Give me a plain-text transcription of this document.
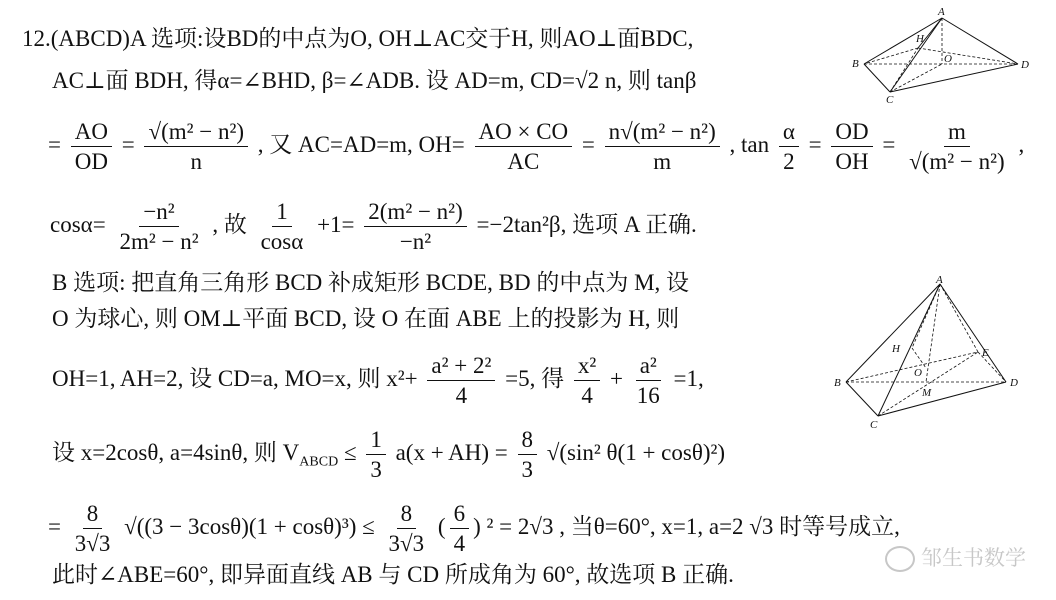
12.(ABCD)A 选项:设BD的中点为O, OH⊥AC交于H, 则AO⊥面BDC,
AC⊥面 BDH, 得α=∠BHD, β=∠ADB. 设 AD=m, CD=√2 n, 则 tanβ
= $\frac{AO}{OD} = \frac{\text{√(m² − n²)}}{n}$ , 又 AC=AD=m, $OH= \frac{AO \times CO}{AC} = \frac{\text{n√(m² − n²)}}{m}$ , $\tan \frac{\alpha}{2} = \frac{OD}{OH} = \frac{m}{\text{√(m² − n²)}}$ ,
$\cos\alpha= \frac{\text{−n²}}{\text{2m² − n²}}$ , 故 $\frac{1}{\cos\alpha} +1= \frac{\text{2(m² − n²)}}{\text{−n²}} =-2\tan^2\beta$, 选项 A 正确.
B 选项: 把直角三角形 BCD 补成矩形 BCDE, BD 的中点为 M, 设
O 为球心, 则 OM⊥平面 BCD, 设 O 在面 ABE 上的投影为 H, 则
OH=1, AH=2, 设 CD=a, MO=x, 则 $x^2+ \frac{\text{a² + 2²}}{4} =5$, 得 $\frac{\text{x²}}{4} + \frac{\text{a²}}{16} =1$,
设 x=2cosθ, a=4sinθ, 则 $V_{ABCD} \le \frac{1}{3} a(x + AH) = \frac{8}{3} √(\sin^2$ θ(1 + cosθ)²)
= $\frac{8}{3√3} √((3 - 3\cos\theta)(1 + \cos\theta)^3) \le \frac{8}{3√3}$ ( $\frac{6}{4}$ ) ² = 2√3 , 当θ=60°, x=1, a=2 √3 时等号成立,
此时∠ABE=60°, 即异面直线 AB 与 CD 所成角为 60°, 故选项 B 正确.
A
B
C
D
H
O
A
B
C
D
H	E
O
M
邹生书数学
